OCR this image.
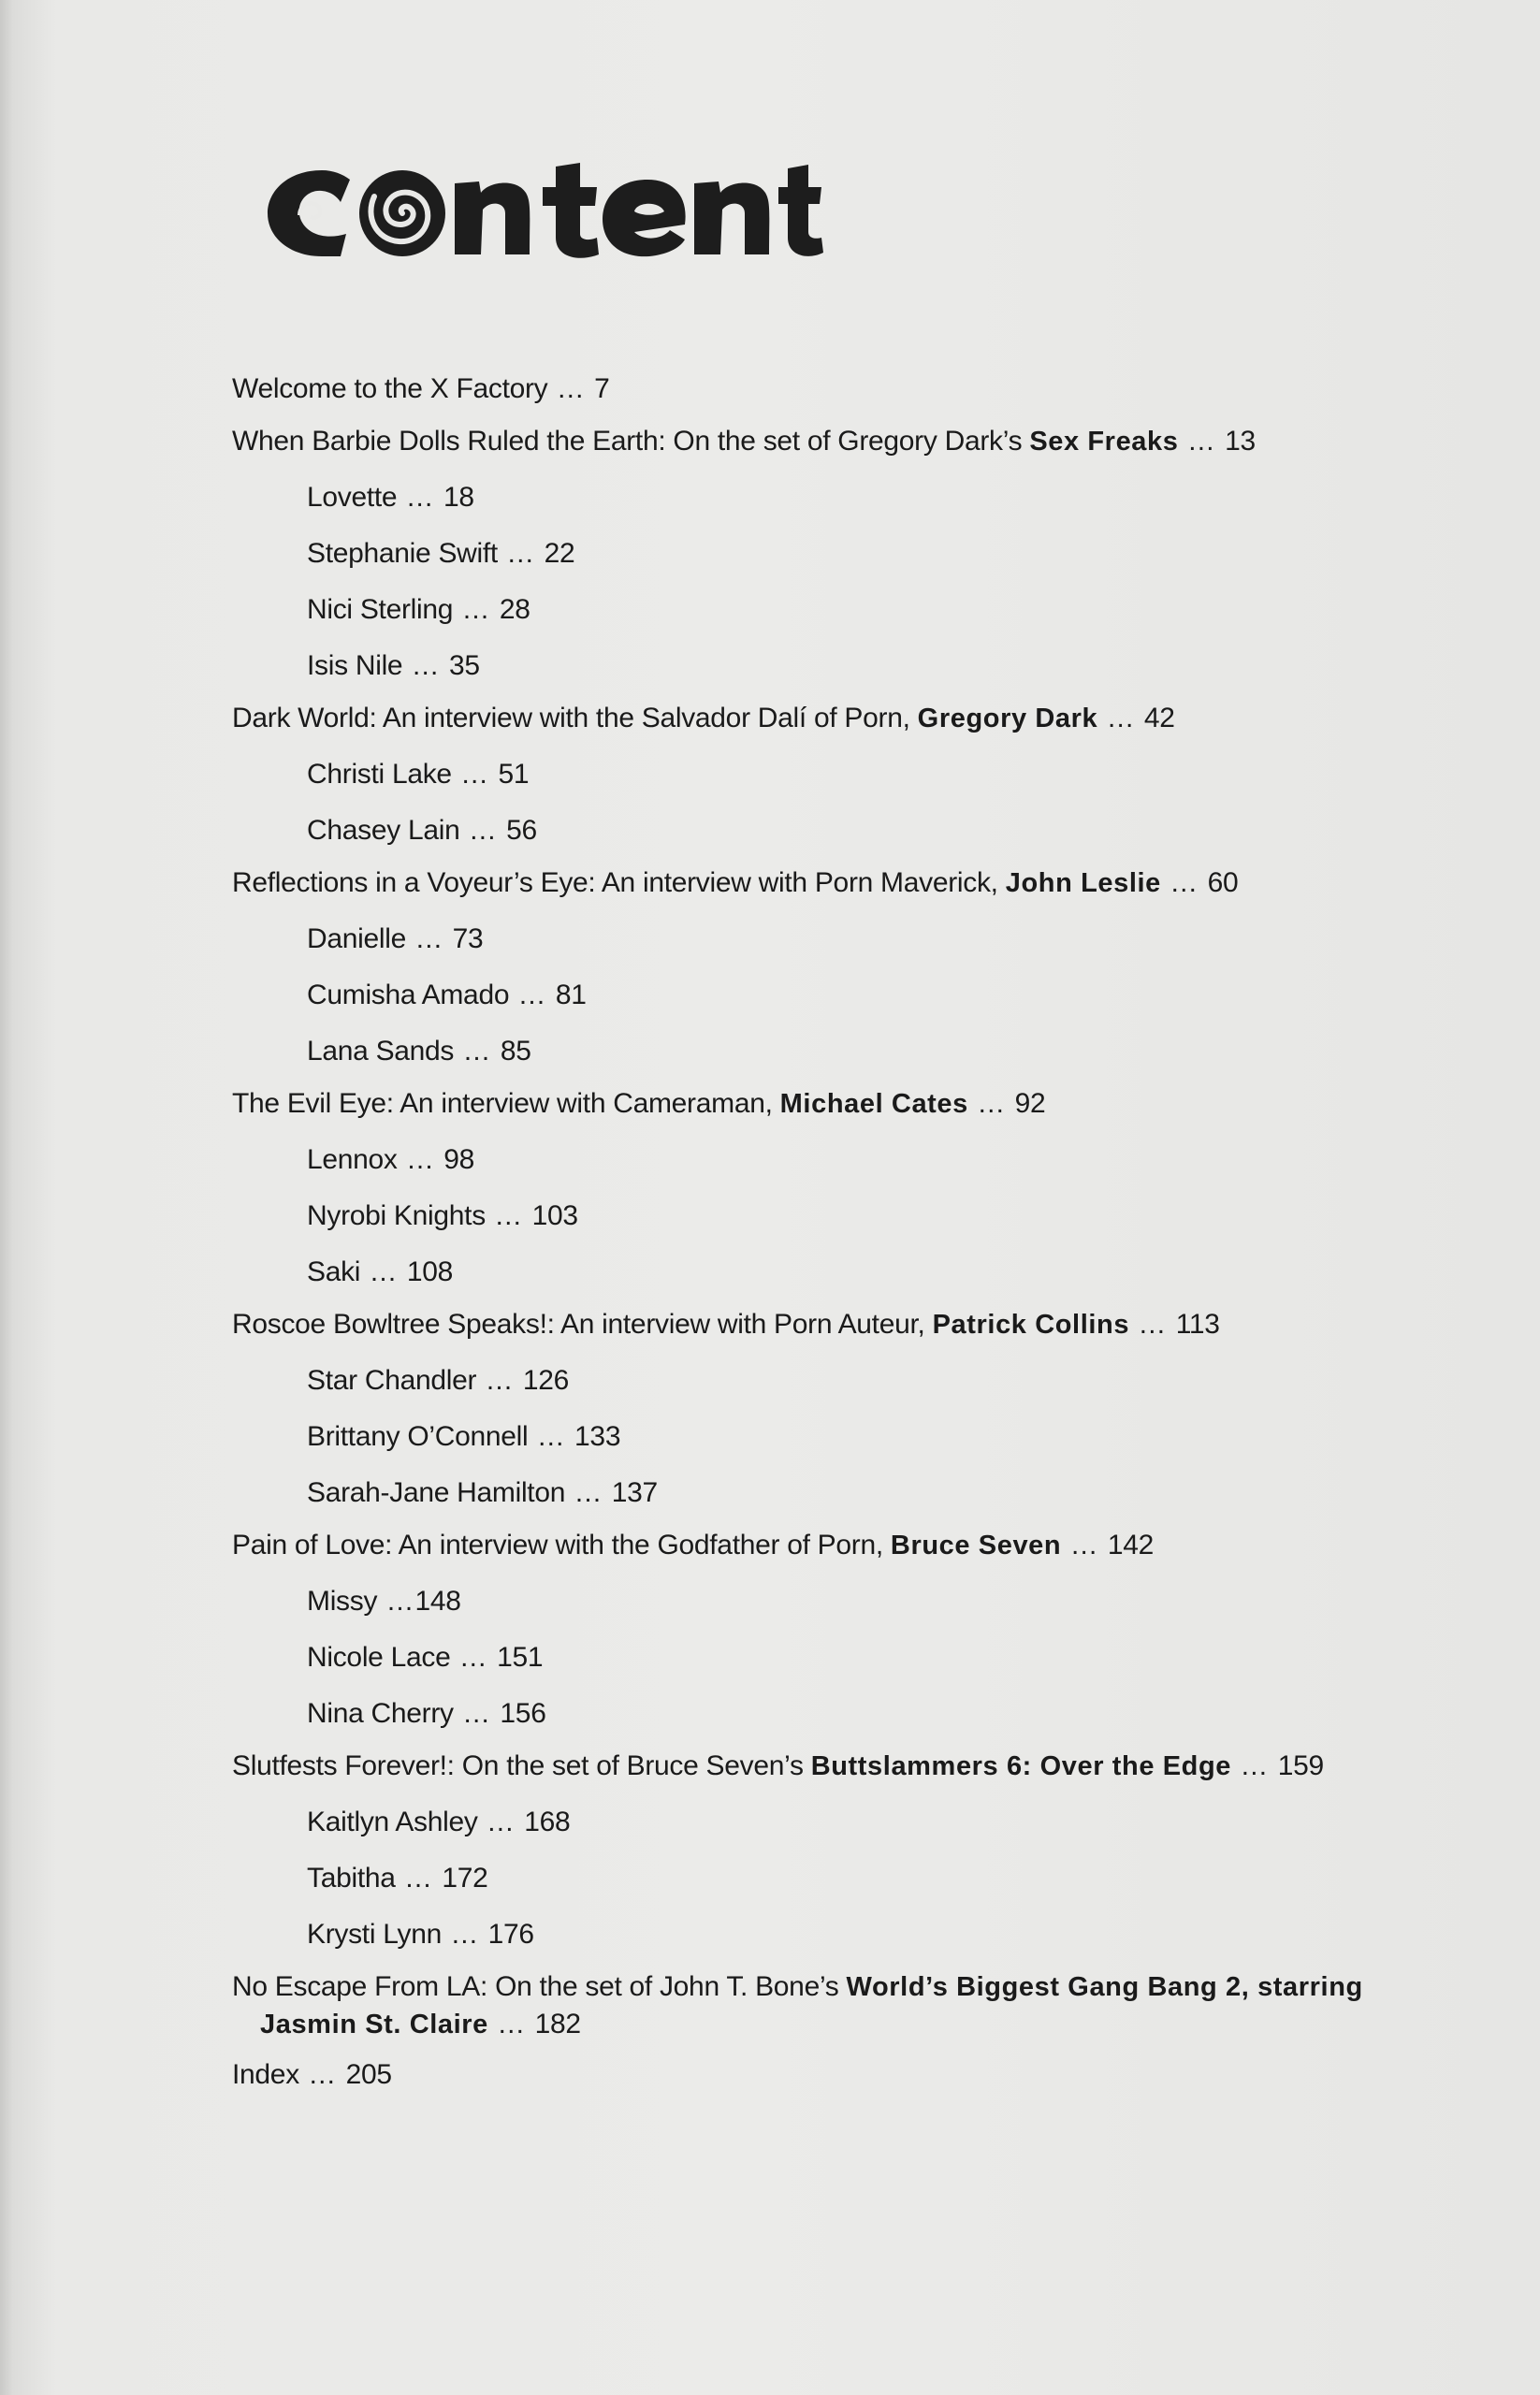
Welcome to the X Factory … 7
When Barbie Dolls Ruled the Earth: On the set of Gregory Dark’s Sex Freaks … 13
Lovette … 18
Stephanie Swift … 22
Nici Sterling … 28
Isis Nile … 35
Dark World: An interview with the Salvador Dalí of Porn, Gregory Dark … 42
Christi Lake … 51
Chasey Lain … 56
Reflections in a Voyeur’s Eye: An interview with Porn Maverick, John Leslie … 60
Danielle … 73
Cumisha Amado … 81
Lana Sands … 85
The Evil Eye: An interview with Cameraman, Michael Cates … 92
Lennox … 98
Nyrobi Knights … 103
Saki … 108
Roscoe Bowltree Speaks!: An interview with Porn Auteur, Patrick Collins … 113
Star Chandler … 126
Brittany O’Connell … 133
Sarah-Jane Hamilton … 137
Pain of Love: An interview with the Godfather of Porn, Bruce Seven … 142
Missy …148
Nicole Lace … 151
Nina Cherry … 156
Slutfests Forever!: On the set of Bruce Seven’s Buttslammers 6: Over the Edge … 159
Kaitlyn Ashley … 168
Tabitha … 172
Krysti Lynn … 176
No Escape From LA: On the set of John T. Bone’s World’s Biggest Gang Bang 2, starring Jasmin St. Claire … 182
Index … 205
